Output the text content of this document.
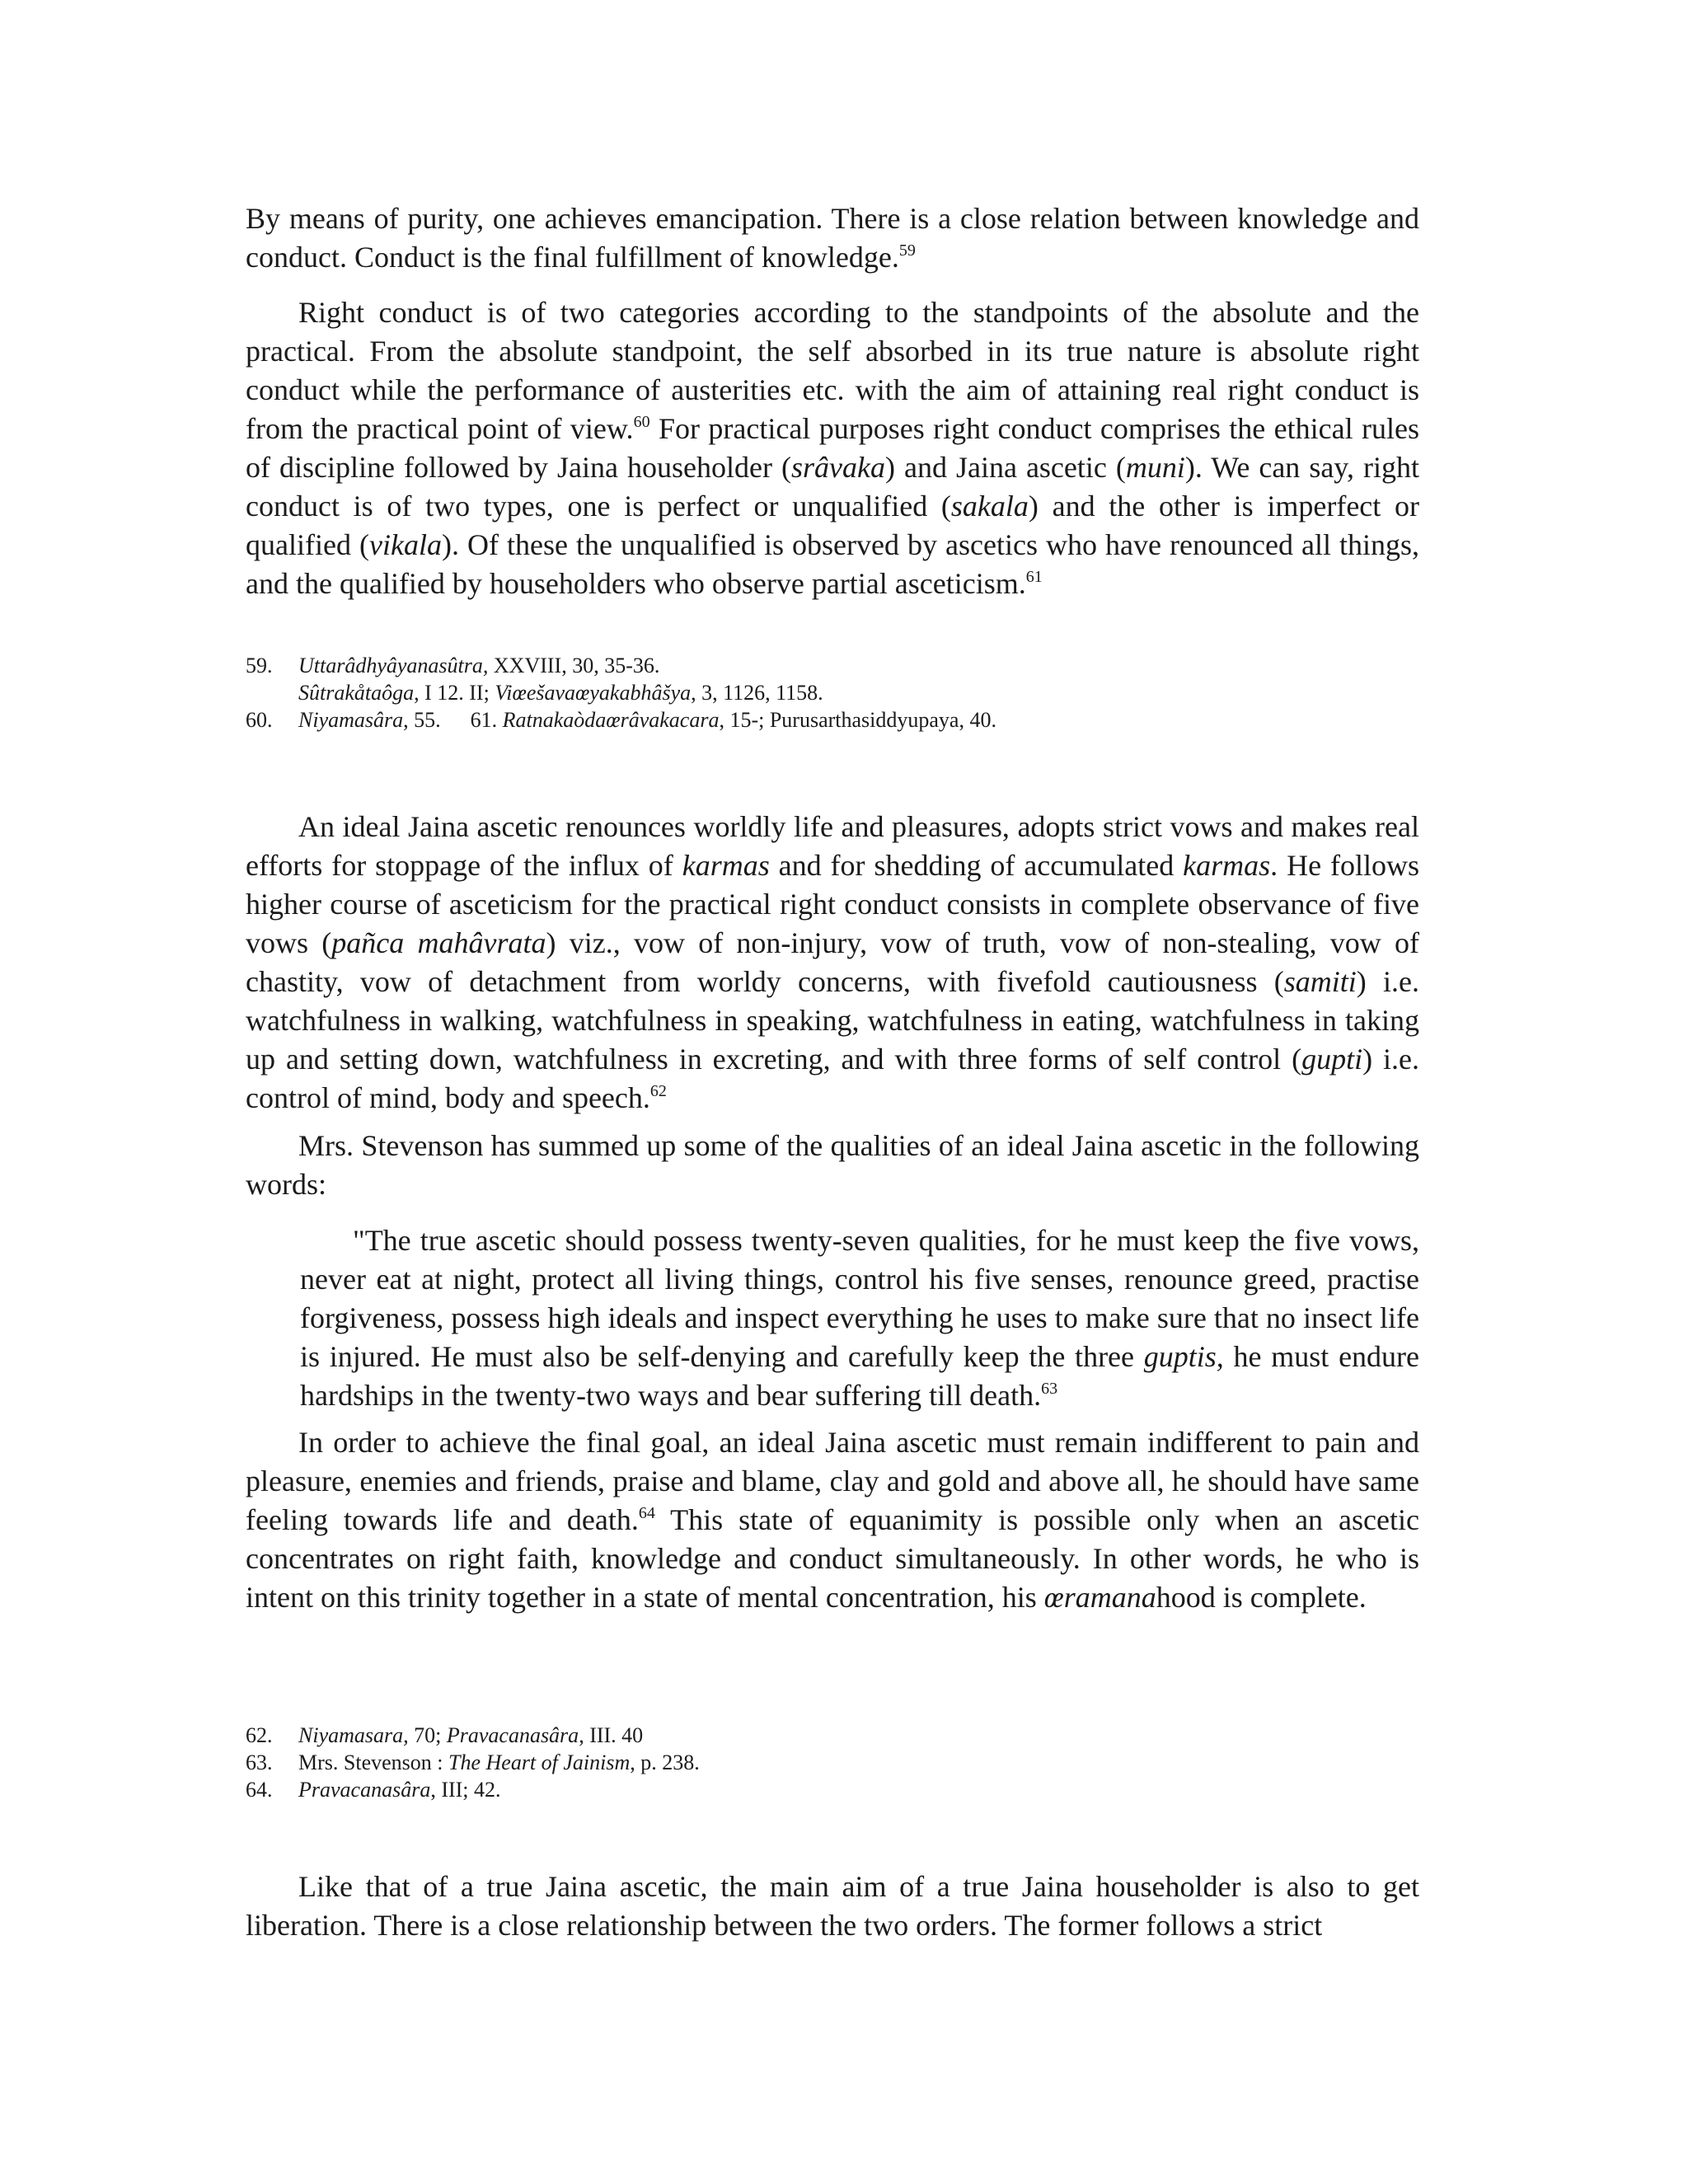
By means of purity, one achieves emancipation. There is a close relation between knowledge and conduct. Conduct is the final fulfillment of knowledge.$^{59}$

Right conduct is of two categories according to the standpoints of the absolute and the practical. From the absolute standpoint, the self absorbed in its true nature is absolute right conduct while the performance of austerities etc. with the aim of attaining real right conduct is from the practical point of view.$^{60}$ For practical purposes right conduct comprises the ethical rules of discipline followed by Jaina householder (srâvaka) and Jaina ascetic (muni). We can say, right conduct is of two types, one is perfect or unqualified (sakala) and the other is imperfect or qualified (vikala). Of these the unqualified is observed by ascetics who have renounced all things, and the qualified by householders who observe partial asceticism.$^{61}$

59.	Uttarâdhyâyanasûtra, XXVIII, 30, 35-36.

Sûtrakåtaôga, I 12. II; Viœešavaœyakabhâšya, 3, 1126, 1158.

60.	Niyamasâra, 55. 61. Ratnakaòdaœrâvakacara, 15-; Purusarthasiddyupaya, 40.

An ideal Jaina ascetic renounces worldly life and pleasures, adopts strict vows and makes real efforts for stoppage of the influx of karmas and for shedding of accumulated karmas. He follows higher course of asceticism for the practical right conduct consists in complete observance of five vows (pañca mahâvrata) viz., vow of non-injury, vow of truth, vow of non-stealing, vow of chastity, vow of detachment from worldy concerns, with fivefold cautiousness (samiti) i.e. watchfulness in walking, watchfulness in speaking, watchfulness in eating, watchfulness in taking up and setting down, watchfulness in excreting, and with three forms of self control (gupti) i.e. control of mind, body and speech.$^{62}$

Mrs. Stevenson has summed up some of the qualities of an ideal Jaina ascetic in the following words:

"The true ascetic should possess twenty-seven qualities, for he must keep the five vows, never eat at night, protect all living things, control his five senses, renounce greed, practise forgiveness, possess high ideals and inspect everything he uses to make sure that no insect life is injured. He must also be self-denying and carefully keep the three guptis, he must endure hardships in the twenty-two ways and bear suffering till death.$^{63}$

In order to achieve the final goal, an ideal Jaina ascetic must remain indifferent to pain and pleasure, enemies and friends, praise and blame, clay and gold and above all, he should have same feeling towards life and death.$^{64}$ This state of equanimity is possible only when an ascetic concentrates on right faith, knowledge and conduct simultaneously. In other words, he who is intent on this trinity together in a state of mental concentration, his œramanahood is complete.

62.	Niyamasara, 70; Pravacanasâra, III. 40

63.	Mrs. Stevenson : The Heart of Jainism, p. 238.

64.	Pravacanasâra, III; 42.

Like that of a true Jaina ascetic, the main aim of a true Jaina householder is also to get liberation. There is a close relationship between the two orders. The former follows a strict
